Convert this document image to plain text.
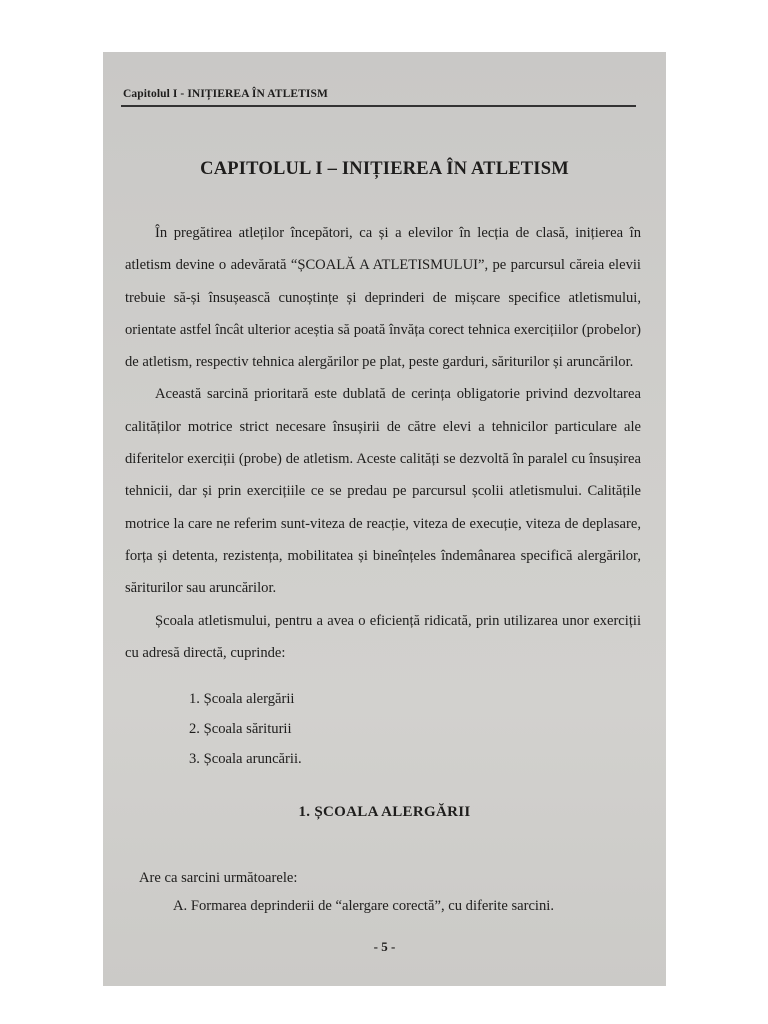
Capitolul I - INIȚIEREA ÎN ATLETISM
CAPITOLUL I – INIȚIEREA ÎN ATLETISM

În pregătirea atleților începători, ca și a elevilor în lecția de clasă, inițierea în atletism devine o adevărată “ȘCOALĂ A ATLETISMULUI”, pe parcursul căreia elevii trebuie să-și însușească cunoștințe și deprinderi de mișcare specifice atletismului, orientate astfel încât ulterior aceștia să poată învăța corect tehnica exercițiilor (probelor) de atletism, respectiv tehnica alergărilor pe plat, peste garduri, săriturilor și aruncărilor.

Această sarcină prioritară este dublată de cerința obligatorie privind dezvoltarea calităților motrice strict necesare însușirii de către elevi a tehnicilor particulare ale diferitelor exerciții (probe) de atletism. Aceste calități se dezvoltă în paralel cu însușirea tehnicii, dar și prin exercițiile ce se predau pe parcursul școlii atletismului. Calitățile motrice la care ne referim sunt-viteza de reacție, viteza de execuție, viteza de deplasare, forța și detenta, rezistența, mobilitatea și bineînțeles îndemânarea specifică alergărilor, săriturilor sau aruncărilor.

Școala atletismului, pentru a avea o eficiență ridicată, prin utilizarea unor exerciții cu adresă directă, cuprinde:

1. Școala alergării
2. Școala săriturii
3. Școala aruncării.
1. ȘCOALA ALERGĂRII
Are ca sarcini următoarele:
A. Formarea deprinderii de “alergare corectă”, cu diferite sarcini.
- 5 -
